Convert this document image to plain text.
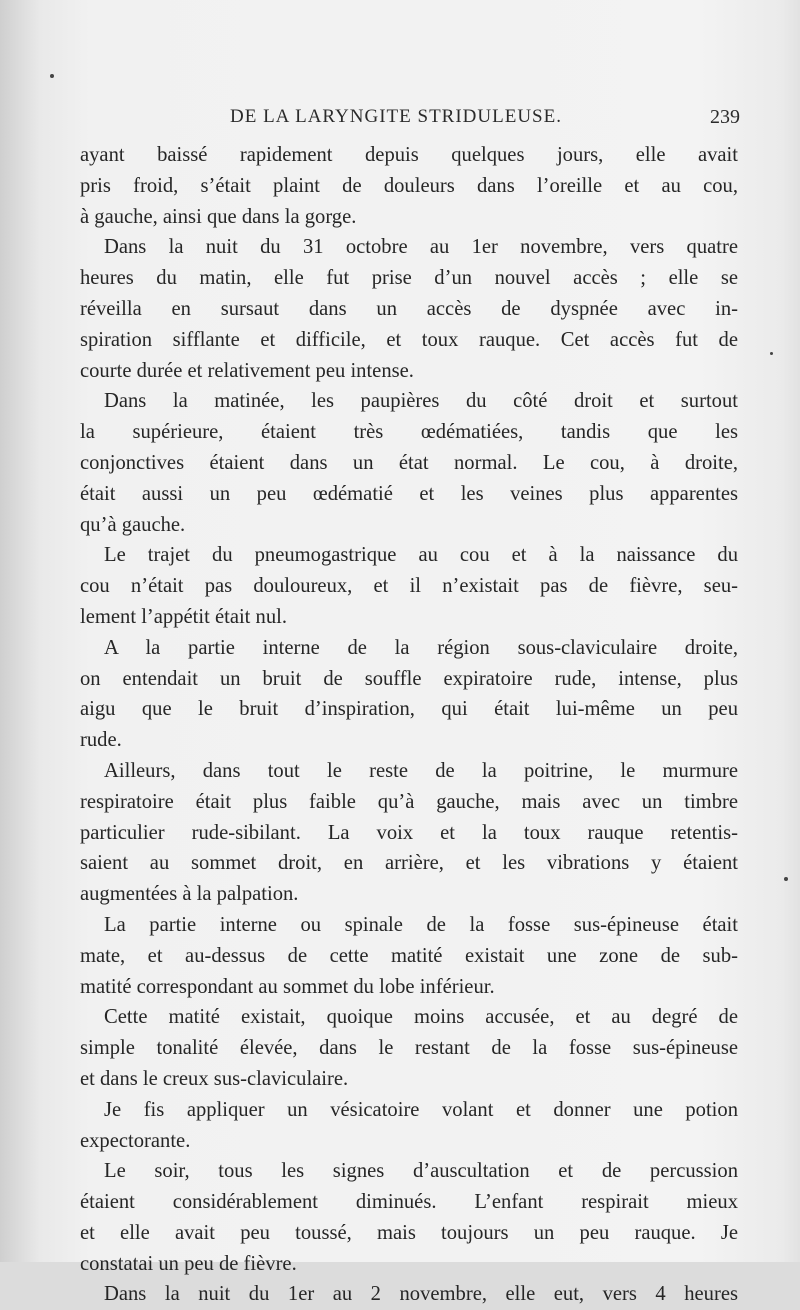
DE LA LARYNGITE STRIDULEUSE.	239
ayant baissé rapidement depuis quelques jours, elle avait
pris froid, s’était plaint de douleurs dans l’oreille et au cou,
à gauche, ainsi que dans la gorge.
Dans la nuit du 31 octobre au 1er novembre, vers quatre
heures du matin, elle fut prise d’un nouvel accès ; elle se
réveilla en sursaut dans un accès de dyspnée avec in-
spiration sifflante et difficile, et toux rauque. Cet accès fut de
courte durée et relativement peu intense.
Dans la matinée, les paupières du côté droit et surtout
la supérieure, étaient très œdématiées, tandis que les
conjonctives étaient dans un état normal. Le cou, à droite,
était aussi un peu œdématié et les veines plus apparentes
qu’à gauche.
Le trajet du pneumogastrique au cou et à la naissance du
cou n’était pas douloureux, et il n’existait pas de fièvre, seu-
lement l’appétit était nul.
A la partie interne de la région sous-claviculaire droite,
on entendait un bruit de souffle expiratoire rude, intense, plus
aigu que le bruit d’inspiration, qui était lui-même un peu
rude.
Ailleurs, dans tout le reste de la poitrine, le murmure
respiratoire était plus faible qu’à gauche, mais avec un timbre
particulier rude-sibilant. La voix et la toux rauque retentis-
saient au sommet droit, en arrière, et les vibrations y étaient
augmentées à la palpation.
La partie interne ou spinale de la fosse sus-épineuse était
mate, et au-dessus de cette matité existait une zone de sub-
matité correspondant au sommet du lobe inférieur.
Cette matité existait, quoique moins accusée, et au degré de
simple tonalité élevée, dans le restant de la fosse sus-épineuse
et dans le creux sus-claviculaire.
Je fis appliquer un vésicatoire volant et donner une potion
expectorante.
Le soir, tous les signes d’auscultation et de percussion
étaient considérablement diminués. L’enfant respirait mieux
et elle avait peu toussé, mais toujours un peu rauque. Je
constatai un peu de fièvre.
Dans la nuit du 1er au 2 novembre, elle eut, vers 4 heures
